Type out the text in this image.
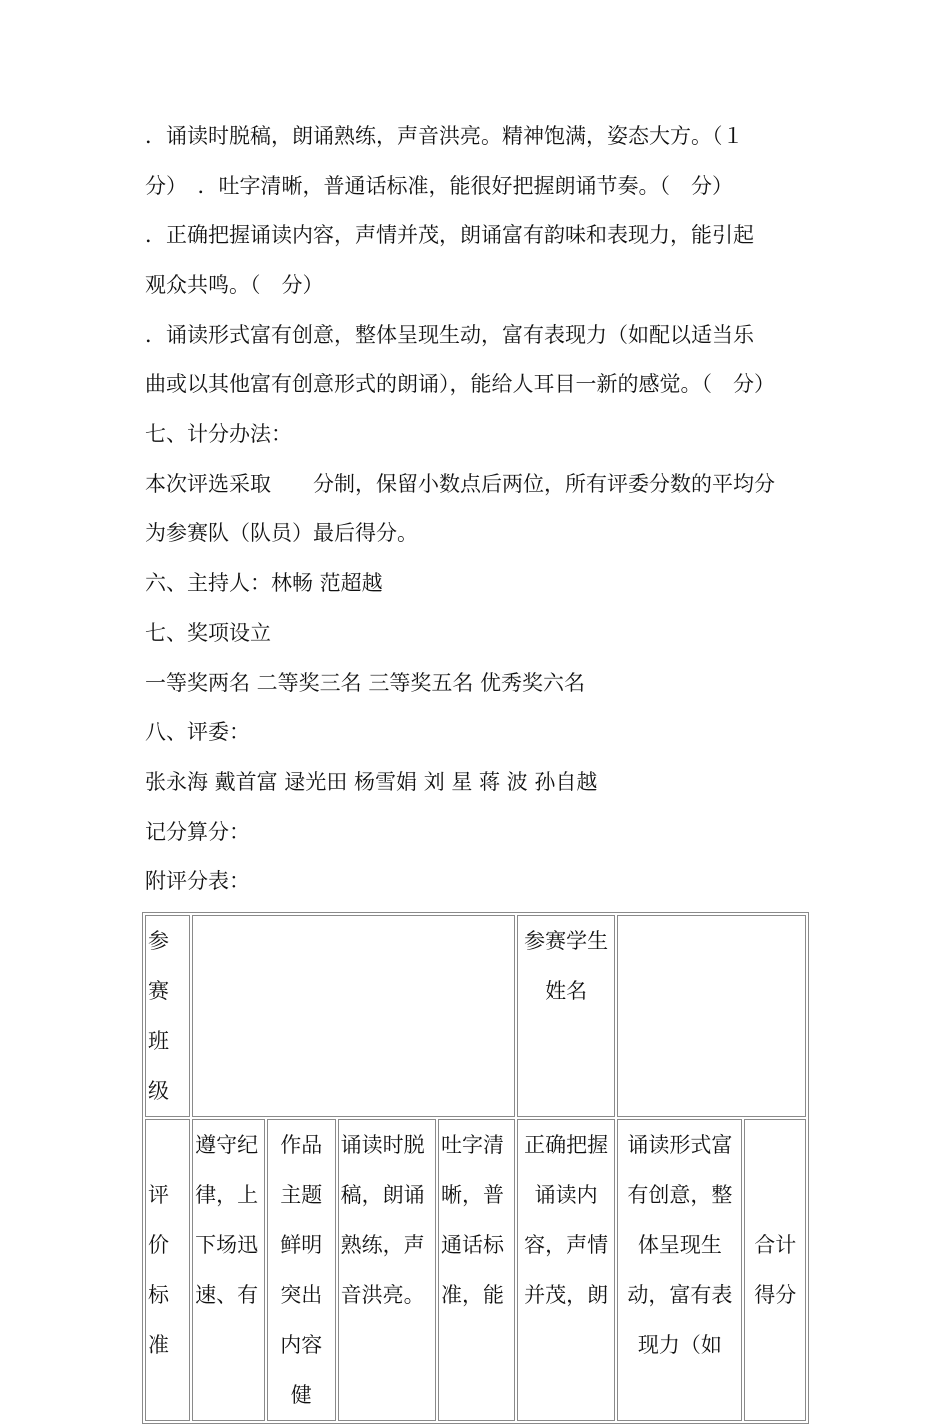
．诵读时脱稿，朗诵熟练，声音洪亮。精神饱满，姿态大方。（１
分）　．吐字清晰，普通话标准，能很好把握朗诵节奏。（　分）
．正确把握诵读内容，声情并茂，朗诵富有韵味和表现力，能引起
观众共鸣。（　分）
．诵读形式富有创意，整体呈现生动，富有表现力（如配以适当乐
曲或以其他富有创意形式的朗诵），能给人耳目一新的感觉。（　分）
七、计分办法：
本次评选采取　　分制，保留小数点后两位，所有评委分数的平均分
为参赛队（队员）最后得分。
六、主持人：林畅 范超越
七、奖项设立
一等奖两名 二等奖三名 三等奖五名 优秀奖六名
八、评委：
张永海 戴首富 逯光田 杨雪娟 刘 星 蒋 波 孙自越
记分算分：
附评分表：
参赛班级					参赛学生姓名		
评价标准	遵守纪律，上下场迅速、有	作品主题鲜明突出内容健	诵读时脱稿，朗诵熟练，声音洪亮。	吐字清晰，普通话标准，能	正确把握诵读内容，声情并茂，朗	诵读形式富有创意，整体呈现生动，富有表现力（如	合计得分
